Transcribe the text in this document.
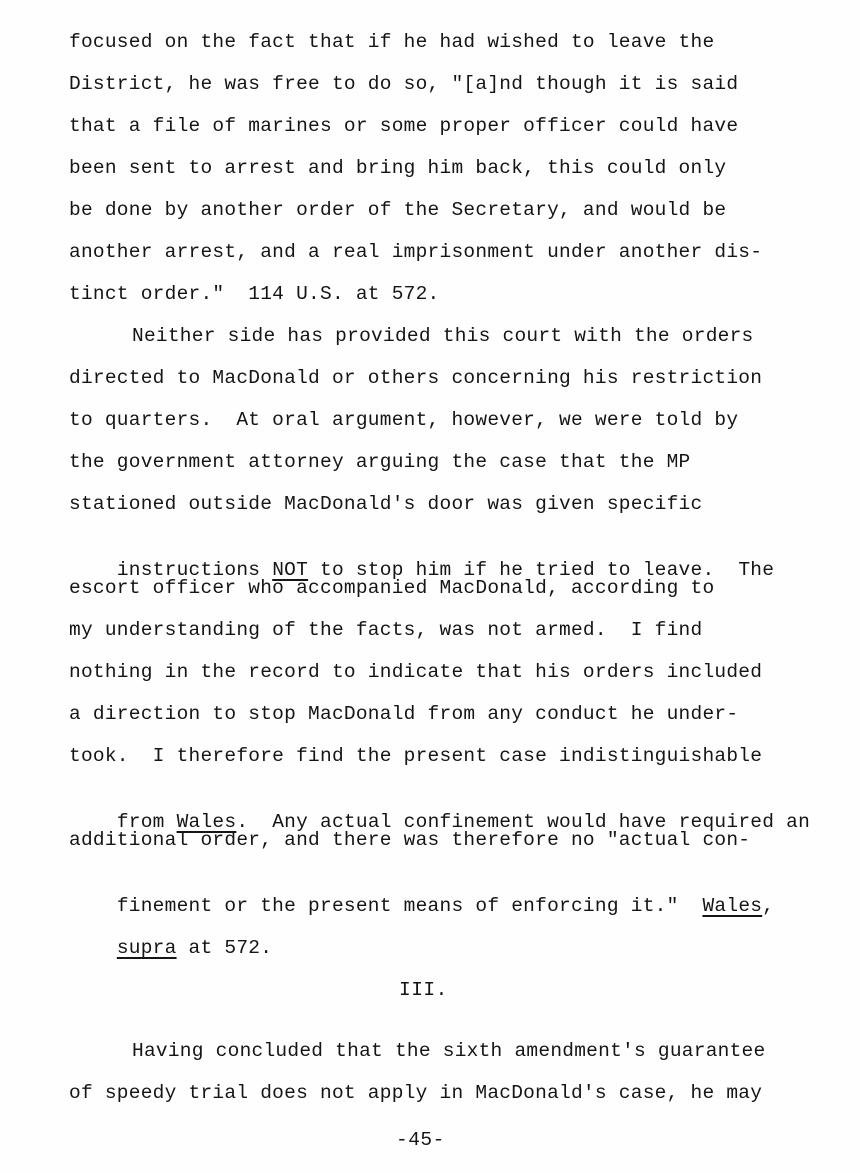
focused on the fact that if he had wished to leave the
District, he was free to do so, "[a]nd though it is said
that a file of marines or some proper officer could have
been sent to arrest and bring him back, this could only
be done by another order of the Secretary, and would be
another arrest, and a real imprisonment under another dis-
tinct order."  114 U.S. at 572.
Neither side has provided this court with the orders
directed to MacDonald or others concerning his restriction
to quarters.  At oral argument, however, we were told by
the government attorney arguing the case that the MP
stationed outside MacDonald's door was given specific

instructions NOT to stop him if he tried to leave.  The

escort officer who accompanied MacDonald, according to
my understanding of the facts, was not armed.  I find
nothing in the record to indicate that his orders included
a direction to stop MacDonald from any conduct he under-
took.  I therefore find the present case indistinguishable

from Wales.  Any actual confinement would have required an

additional order, and there was therefore no "actual con-

finement or the present means of enforcing it."  Wales,

supra at 572.

III.
Having concluded that the sixth amendment's guarantee
of speedy trial does not apply in MacDonald's case, he may
-45-
